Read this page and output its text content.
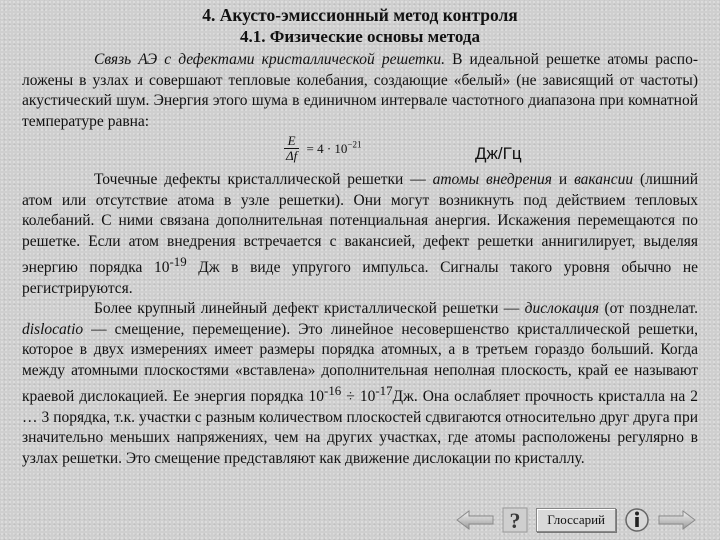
4. Акусто-эмиссионный метод контроля
4.1. Физические основы метода

Связь АЭ с дефектами кристаллической решетки. В идеальной решетке атомы распо-ложены в узлах и совершают тепловые колебания, создающие «белый» (не зависящий от частоты) акустический шум. Энергия этого шума в единичном интервале частотного диапазона при комнатной температуре равна:

$\frac{E}{\Delta f} = 4 \cdot 10^{-21}$	Дж/Гц

Точечные дефекты кристаллической решетки — атомы внедрения и вакансии (лишний атом или отсутствие атома в узле решетки). Они могут возникнуть под действием тепловых колебаний. С ними связана дополнительная потенциальная анергия. Искажения перемещаются по решетке. Если атом внедрения встречается с вакансией, дефект решетки аннигилирует, выделяя энергию порядка $10^{-19}$ Дж в виде упругого импульса. Сигналы такого уровня обычно не регистрируются.

Более крупный линейный дефект кристаллической решетки — дислокация (от позднелат. dislocatio — смещение, перемещение). Это линейное несовершенство кристаллической решетки, которое в двух измерениях имеет размеры порядка атомных, а в третьем гораздо больший. Когда между атомными плоскостями «вставлена» дополнительная неполная плоскость, край ее называют краевой дислокацией. Ее энергия порядка $10^{-16} \div 10^{-17}Дж$. Она ослабляет прочность кристалла на 2 … 3 порядка, т.к. участки с разным количеством плоскостей сдвигаются относительно друг друга при значительно меньших напряжениях, чем на других участках, где атомы расположены регулярно в узлах решетки. Это смещение представляют как движение дислокации по кристаллу.

?	Глоссарий
